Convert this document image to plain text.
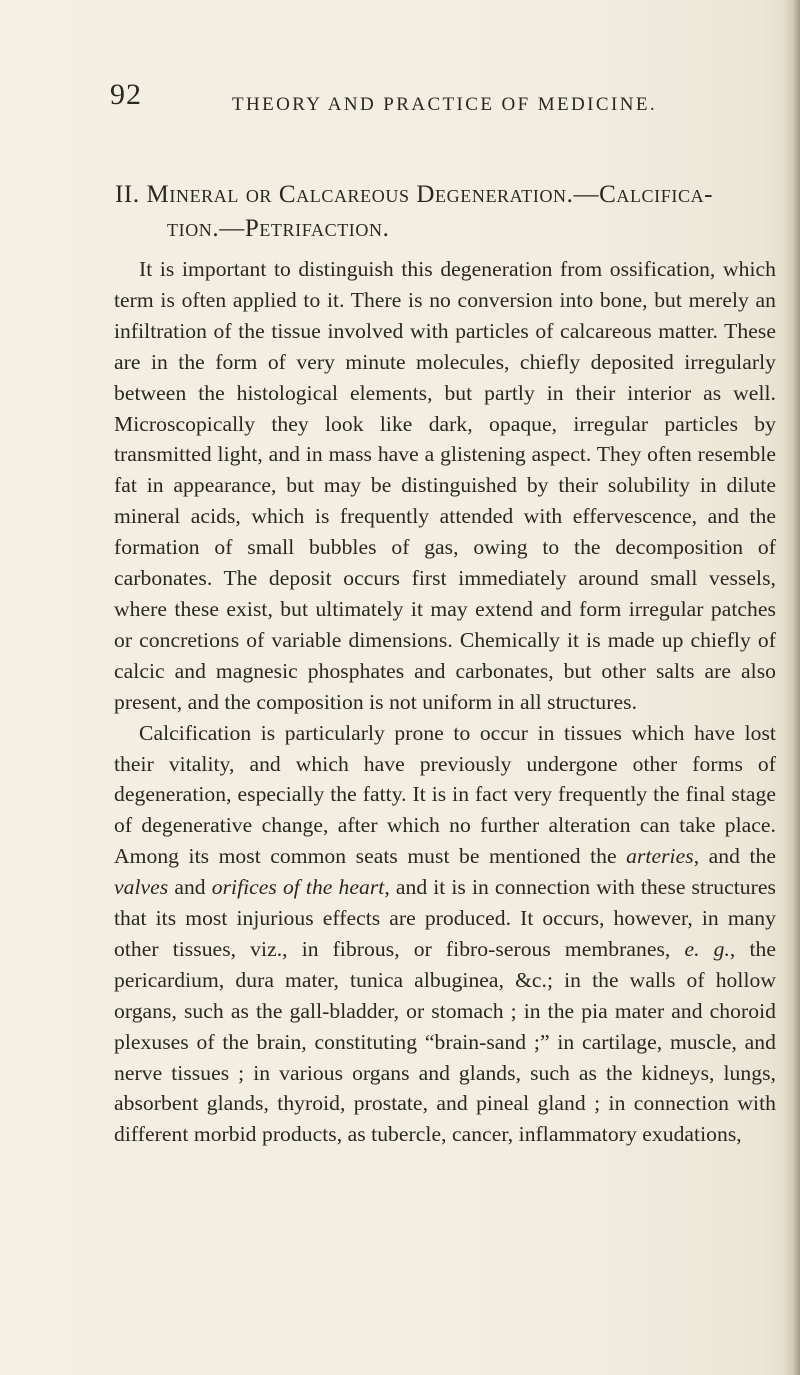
92	THEORY AND PRACTICE OF MEDICINE.
II. Mineral or Calcareous Degeneration.—Calcifica-
tion.—Petrifaction.

It is important to distinguish this degeneration from ossification, which term is often applied to it. There is no conversion into bone, but merely an infiltration of the tissue involved with particles of calcareous matter. These are in the form of very minute molecules, chiefly deposited irregularly between the histological elements, but partly in their interior as well. Microscopically they look like dark, opaque, irregular particles by transmitted light, and in mass have a glistening aspect. They often resemble fat in appearance, but may be distinguished by their solubility in dilute mineral acids, which is frequently attended with effervescence, and the formation of small bubbles of gas, owing to the decomposition of carbonates. The deposit occurs first immediately around small vessels, where these exist, but ultimately it may extend and form irregular patches or concretions of variable dimensions. Chemically it is made up chiefly of calcic and magnesic phosphates and carbonates, but other salts are also present, and the composition is not uniform in all structures.

Calcification is particularly prone to occur in tissues which have lost their vitality, and which have previously undergone other forms of degeneration, especially the fatty. It is in fact very frequently the final stage of degenerative change, after which no further alteration can take place. Among its most common seats must be mentioned the arteries, and the valves and orifices of the heart, and it is in connection with these structures that its most injurious effects are produced. It occurs, however, in many other tissues, viz., in fibrous, or fibro-serous membranes, e. g., the pericardium, dura mater, tunica albuginea, &c.; in the walls of hollow organs, such as the gall-bladder, or stomach ; in the pia mater and choroid plexuses of the brain, constituting “brain-sand ;” in cartilage, muscle, and nerve tissues ; in various organs and glands, such as the kidneys, lungs, absorbent glands, thyroid, prostate, and pineal gland ; in connection with different morbid products, as tubercle, cancer, inflammatory exudations,
